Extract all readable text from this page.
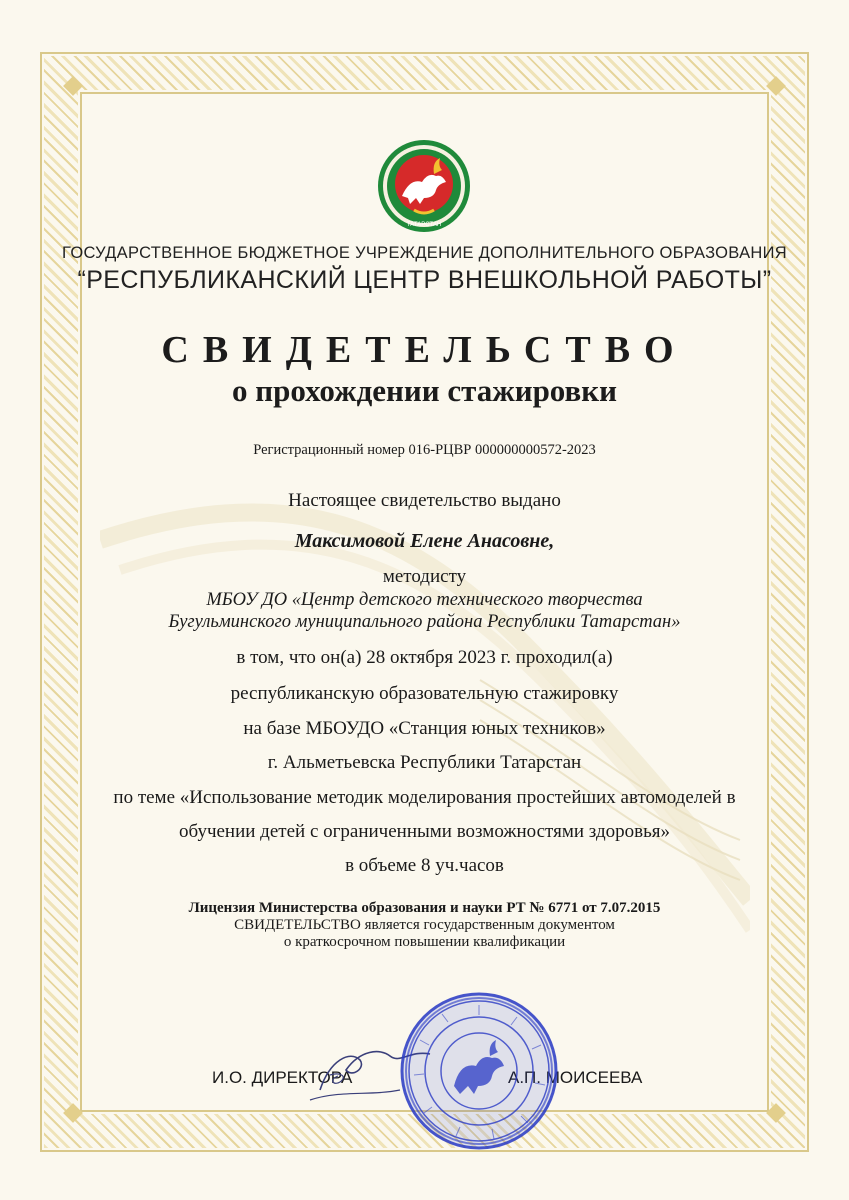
ТАТАРСТАН
ГОСУДАРСТВЕННОЕ БЮДЖЕТНОЕ УЧРЕЖДЕНИЕ ДОПОЛНИТЕЛЬНОГО ОБРАЗОВАНИЯ
“РЕСПУБЛИКАНСКИЙ ЦЕНТР ВНЕШКОЛЬНОЙ РАБОТЫ”
СВИДЕТЕЛЬСТВО
о прохождении стажировки
Регистрационный номер 016-РЦВР 000000000572-2023
Настоящее свидетельство выдано
Максимовой Елене Анасовне,
методисту
МБОУ ДО «Центр детского технического творчества
Бугульминского муниципального района Республики Татарстан»
в том, что он(а) 28 октября 2023 г. проходил(а)
республиканскую образовательную стажировку
на базе МБОУДО «Станция юных техников»
г. Альметьевска Республики Татарстан
по теме «Использование методик моделирования простейших автомоделей в
обучении детей с ограниченными возможностями здоровья»
в объеме 8 уч.часов
Лицензия Министерства образования и науки РТ № 6771 от 7.07.2015
СВИДЕТЕЛЬСТВО является государственным документом
о краткосрочном повышении квалификации
И.О. ДИРЕКТОРА	А.П. МОИСЕЕВА
